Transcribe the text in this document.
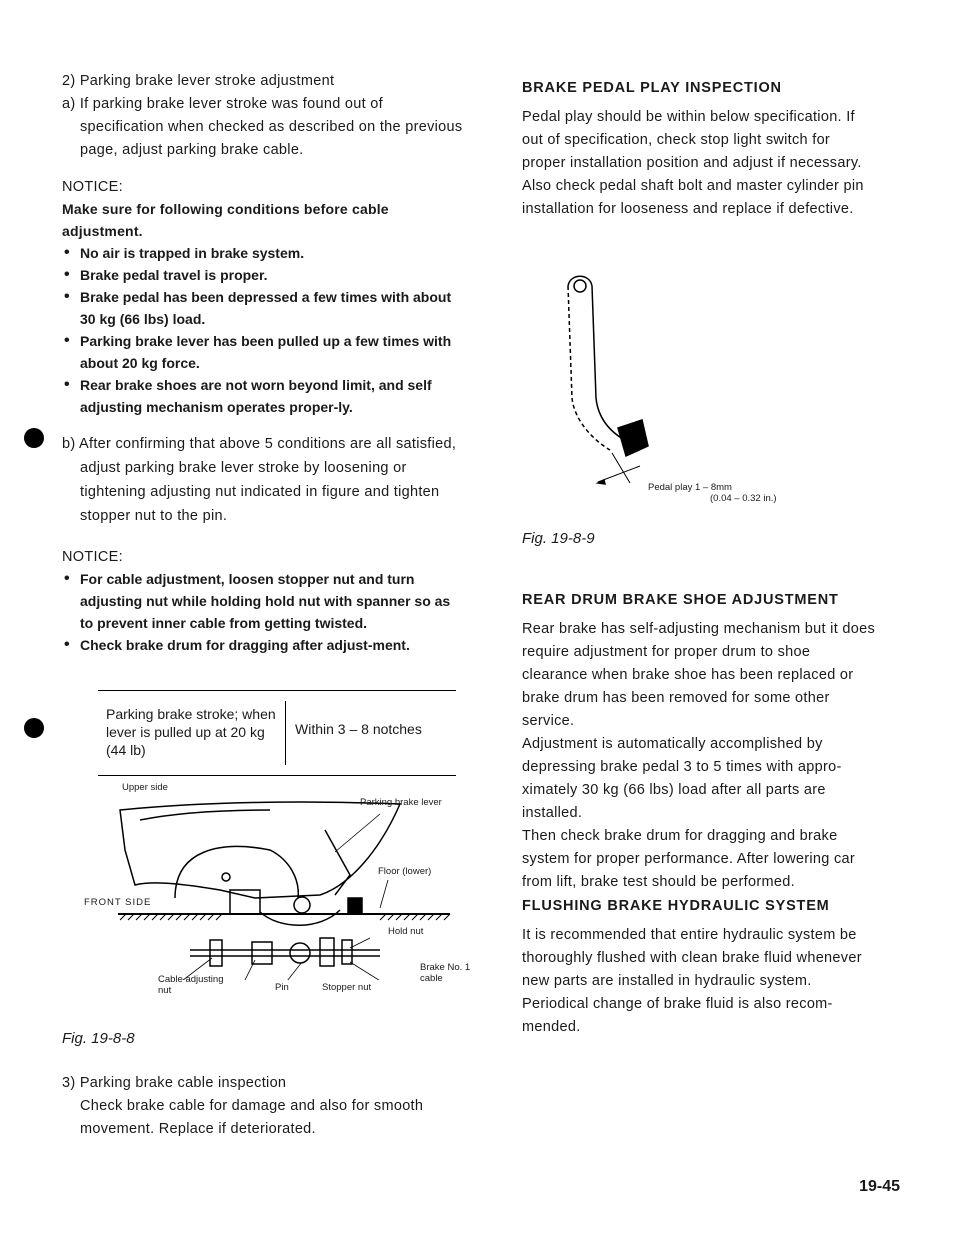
2) Parking brake lever stroke adjustment

a) If parking brake lever stroke was found out of specification when checked as described on the previous page, adjust parking brake cable.

NOTICE:

Make sure for following conditions before cable adjustment.

• No air is trapped in brake system.
• Brake pedal travel is proper.
• Brake pedal has been depressed a few times with about 30 kg (66 lbs) load.
• Parking brake lever has been pulled up a few times with about 20 kg force.
• Rear brake shoes are not worn beyond limit, and self adjusting mechanism operates proper-ly.

b) After confirming that above 5 conditions are all satisfied, adjust parking brake lever stroke by loosening or tightening adjusting nut indicated in figure and tighten stopper nut to the pin.

NOTICE:

• For cable adjustment, loosen stopper nut and turn adjusting nut while holding hold nut with spanner so as to prevent inner cable from getting twisted.
• Check brake drum for dragging after adjust-ment.
Parking brake stroke; when lever is pulled up at 20 kg (44 lb)
Within 3 – 8 notches
Upper side
Parking brake lever
Floor (lower)
FRONT SIDE
Hold nut
Cable adjusting nut	Pin	Stopper nut
Brake No. 1 cable
Fig. 19-8-8

3) Parking brake cable inspection

Check brake cable for damage and also for smooth movement. Replace if deteriorated.

BRAKE PEDAL PLAY INSPECTION

Pedal play should be within below specification. If out of specification, check stop light switch for proper installation position and adjust if necessary.

Also check pedal shaft bolt and master cylinder pin installation for looseness and replace if defective.

Pedal play 1 – 8mm
(0.04 – 0.32 in.)
Fig. 19-8-9

REAR DRUM BRAKE SHOE ADJUSTMENT

Rear brake has self-adjusting mechanism but it does require adjustment for proper drum to shoe clearance when brake shoe has been replaced or brake drum has been removed for some other service.

Adjustment is automatically accomplished by depressing brake pedal 3 to 5 times with appro-ximately 30 kg (66 lbs) load after all parts are installed.

Then check brake drum for dragging and brake system for proper performance. After lowering car from lift, brake test should be performed.

FLUSHING BRAKE HYDRAULIC SYSTEM

It is recommended that entire hydraulic system be thoroughly flushed with clean brake fluid whenever new parts are installed in hydraulic system.

Periodical change of brake fluid is also recom-mended.

19-45
